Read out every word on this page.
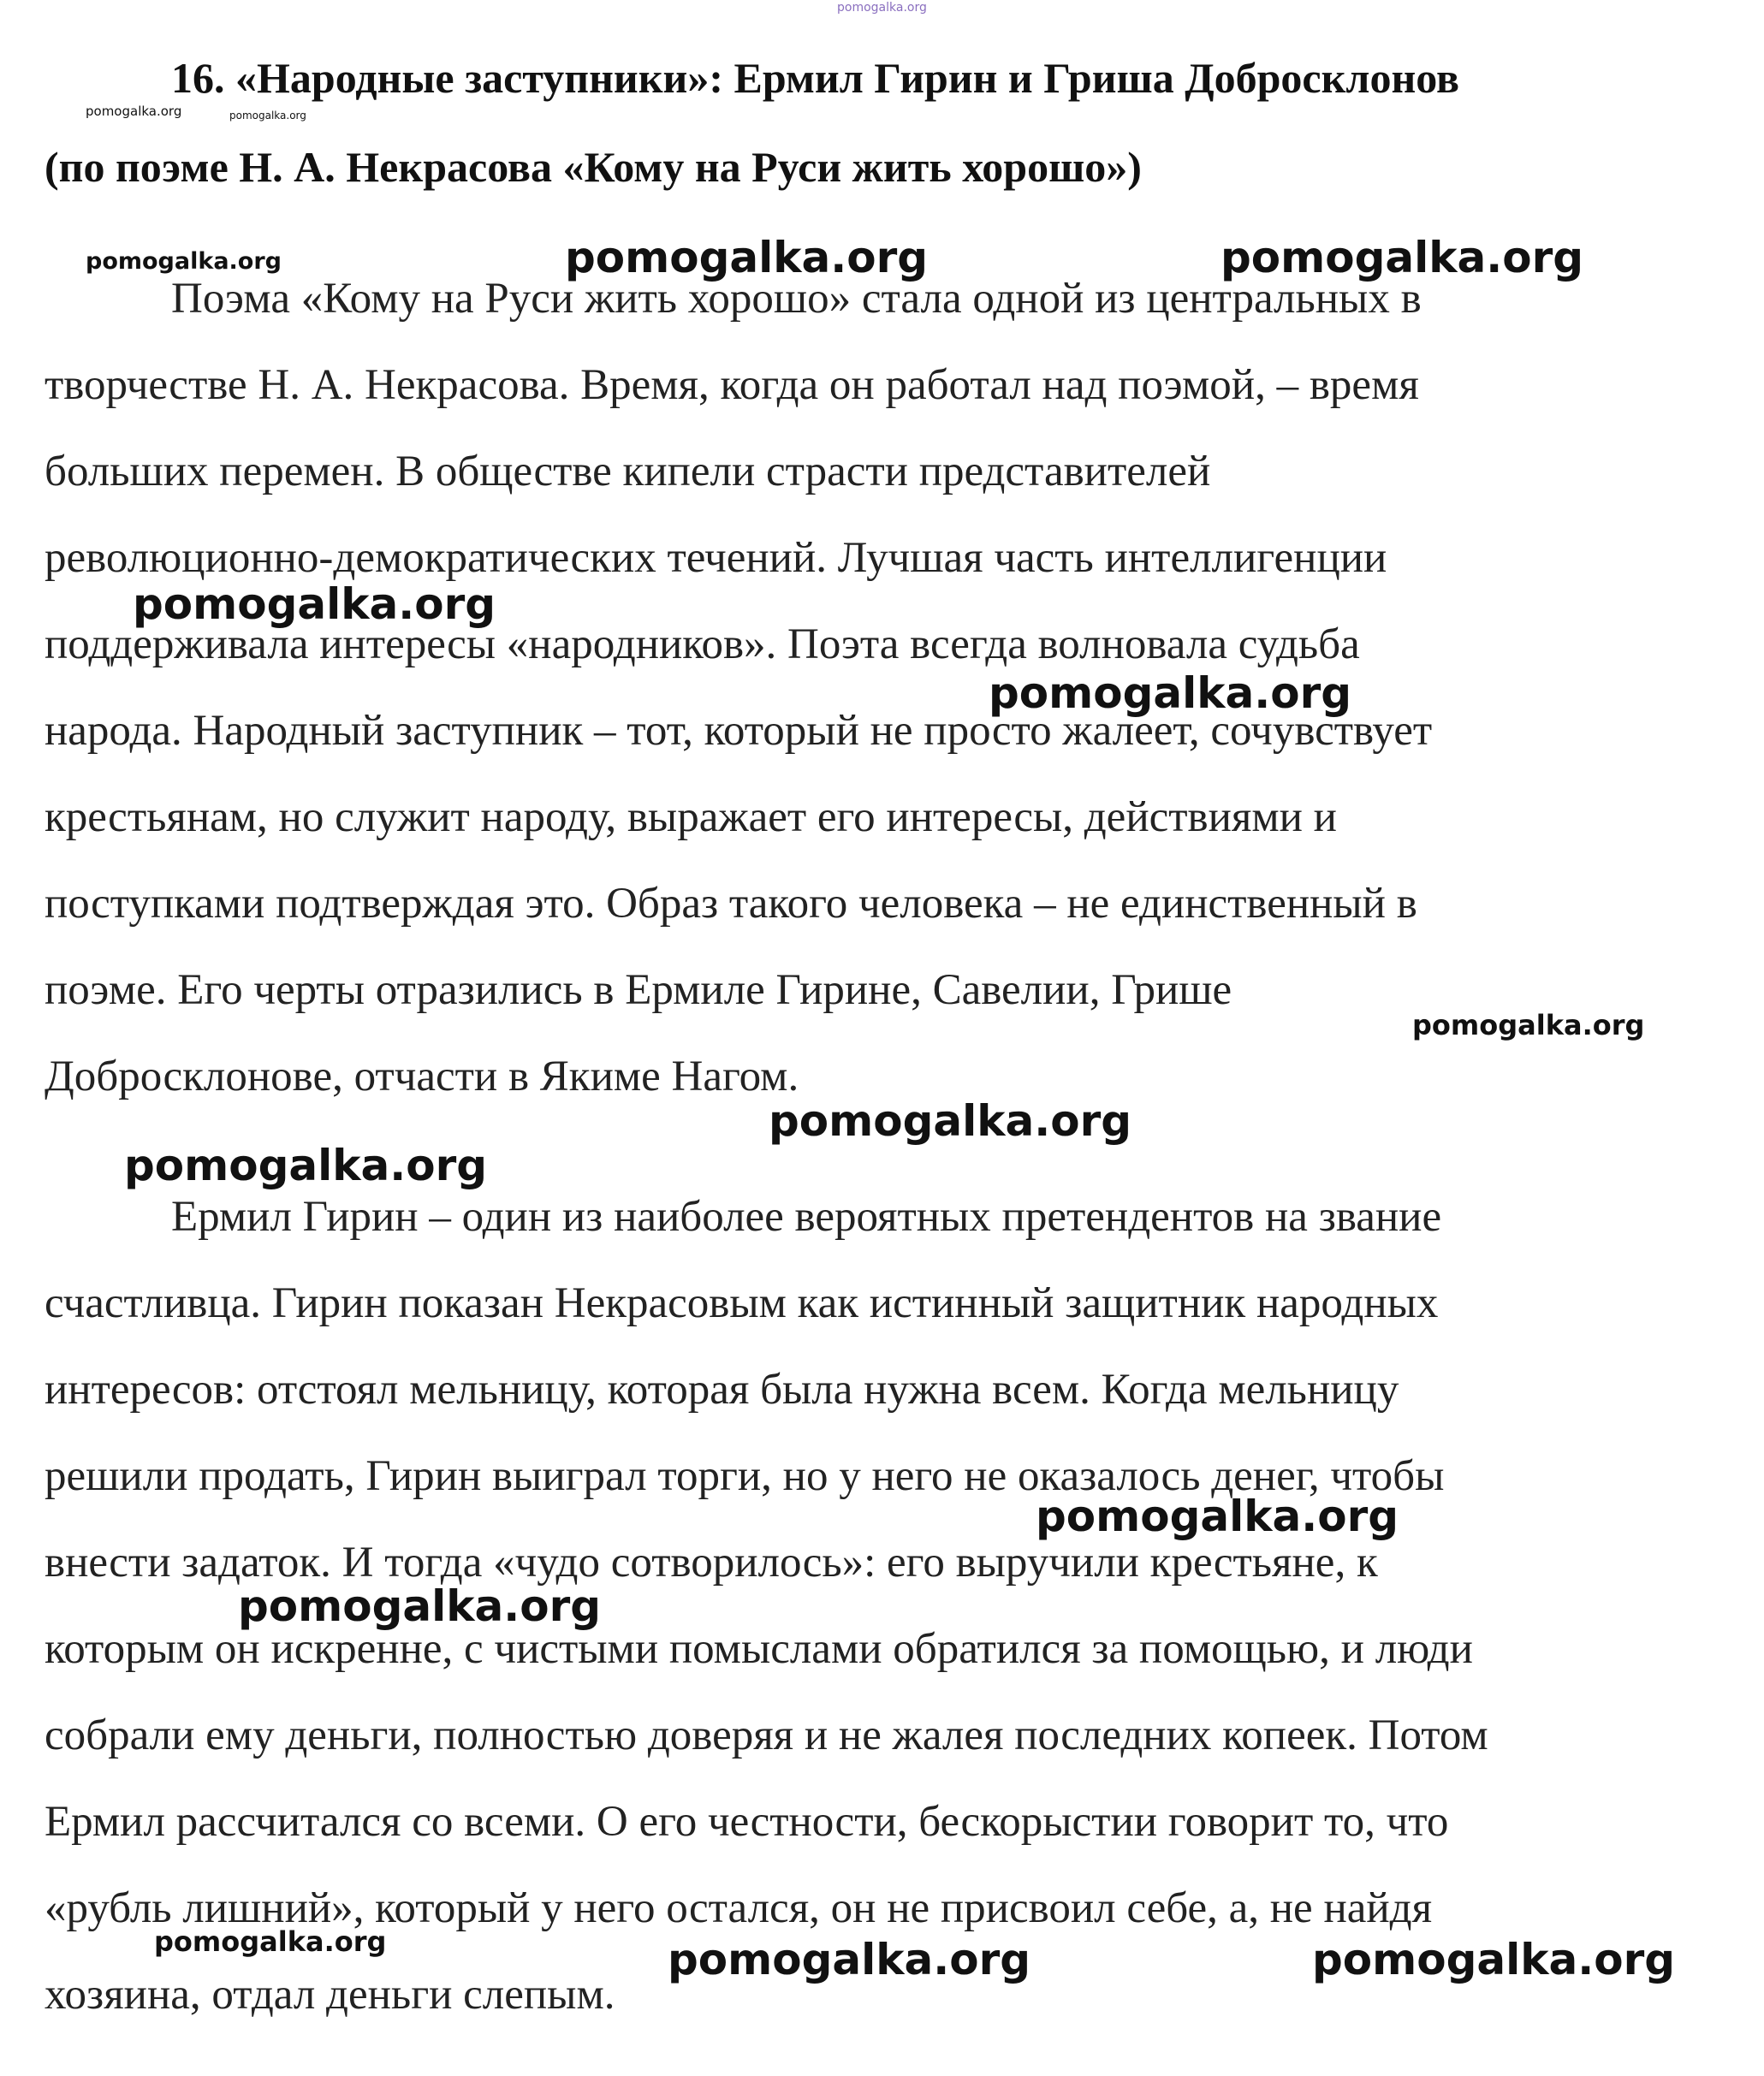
16. «Народные заступники»: Ермил Гирин и Гриша Добросклонов
(по поэме Н. А. Некрасова «Кому на Руси жить хорошо»)
Поэма «Кому на Руси жить хорошо» стала одной из центральных в
творчестве Н. А. Некрасова. Время, когда он работал над поэмой, – время
больших перемен. В обществе кипели страсти представителей
революционно-демократических течений. Лучшая часть интеллигенции
поддерживала интересы «народников». Поэта всегда волновала судьба
народа. Народный заступник – тот, который не просто жалеет, сочувствует
крестьянам, но служит народу, выражает его интересы, действиями и
поступками подтверждая это. Образ такого человека – не единственный в
поэме. Его черты отразились в Ермиле Гирине, Савелии, Грише
Добросклонове, отчасти в Якиме Нагом.
Ермил Гирин – один из наиболее вероятных претендентов на звание
счастливца. Гирин показан Некрасовым как истинный защитник народных
интересов: отстоял мельницу, которая была нужна всем. Когда мельницу
решили продать, Гирин выиграл торги, но у него не оказалось денег, чтобы
внести задаток. И тогда «чудо сотворилось»: его выручили крестьяне, к
которым он искренне, с чистыми помыслами обратился за помощью, и люди
собрали ему деньги, полностью доверяя и не жалея последних копеек. Потом
Ермил рассчитался со всеми. О его честности, бескорыстии говорит то, что
«рубль лишний», который у него остался, он не присвоил себе, а, не найдя
хозяина, отдал деньги слепым.
pomogalka.org
pomogalka.org	pomogalka.org
pomogalka.org	pomogalka.org	pomogalka.org
pomogalka.org
pomogalka.org
pomogalka.org
pomogalka.org
pomogalka.org
pomogalka.org
pomogalka.org
pomogalka.org	pomogalka.org	pomogalka.org
